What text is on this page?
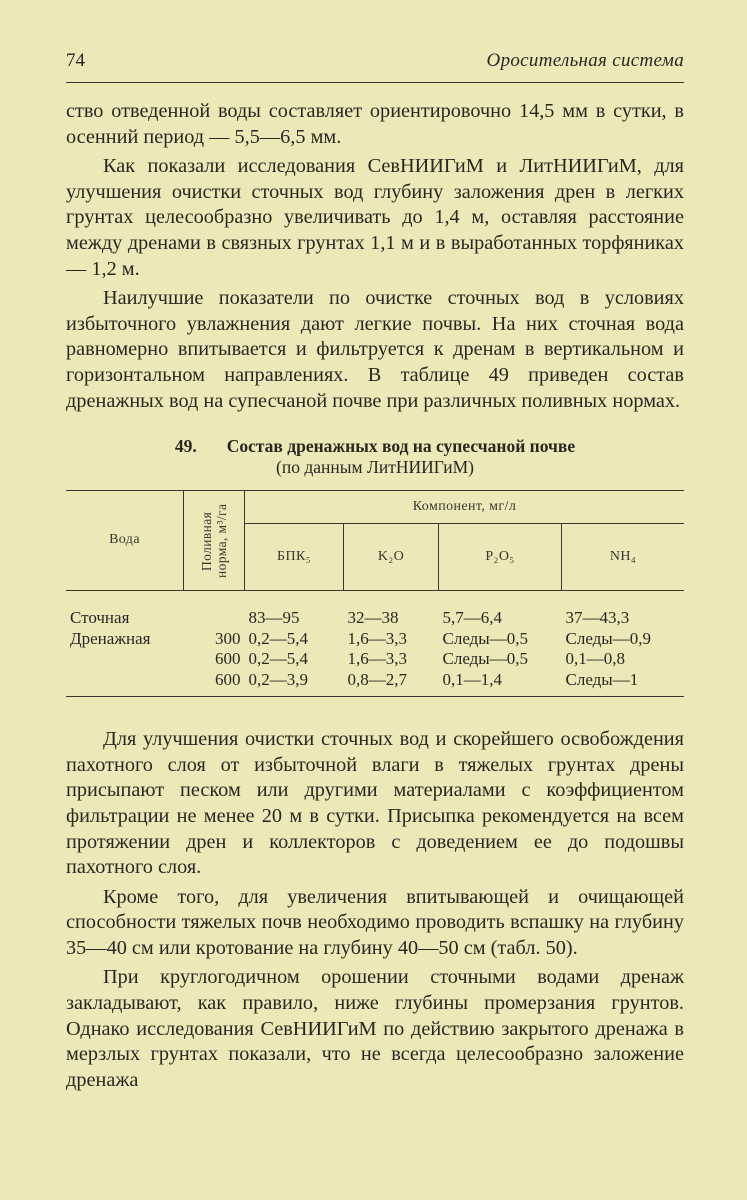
74	Оросительная система

ство отведенной воды составляет ориентировочно 14,5 мм в сутки, в осенний период — 5,5—6,5 мм.

Как показали исследования СевНИИГиМ и ЛитНИИГиМ, для улучшения очистки сточных вод глубину заложения дрен в легких грунтах целесообразно увеличивать до 1,4 м, оставляя расстояние между дренами в связных грунтах 1,1 м и в выработанных торфяниках — 1,2 м.

Наилучшие показатели по очистке сточных вод в условиях избыточного увлажнения дают легкие почвы. На них сточная вода равномерно впитывается и фильтруется к дренам в вертикальном и горизонтальном направлениях. В таблице 49 приведен состав дренажных вод на супесчаной почве при различных поливных нормах.

49. Состав дренажных вод на супесчаной почве
(по данным ЛитНИИГиМ)
Вода	Поливная норма, м³/га	Компонент, мг/л			
		БПК₅	K₂O	P₂O₅	NH₄
Сточная		83—95	32—38	5,7—6,4	37—43,3
Дренажная	300	0,2—5,4	1,6—3,3	Следы—0,5	Следы—0,9
	600	0,2—5,4	1,6—3,3	Следы—0,5	0,1—0,8
	600	0,2—3,9	0,8—2,7	0,1—1,4	Следы—1

Для улучшения очистки сточных вод и скорейшего освобождения пахотного слоя от избыточной влаги в тяжелых грунтах дрены присыпают песком или другими материалами с коэффициентом фильтрации не менее 20 м в сутки. Присыпка рекомендуется на всем протяжении дрен и коллекторов с доведением ее до подошвы пахотного слоя.

Кроме того, для увеличения впитывающей и очищающей способности тяжелых почв необходимо проводить вспашку на глубину 35—40 см или кротование на глубину 40—50 см (табл. 50).

При круглогодичном орошении сточными водами дренаж закладывают, как правило, ниже глубины промерзания грунтов. Однако исследования СевНИИГиМ по действию закрытого дренажа в мерзлых грунтах показали, что не всегда целесообразно заложение дренажа
